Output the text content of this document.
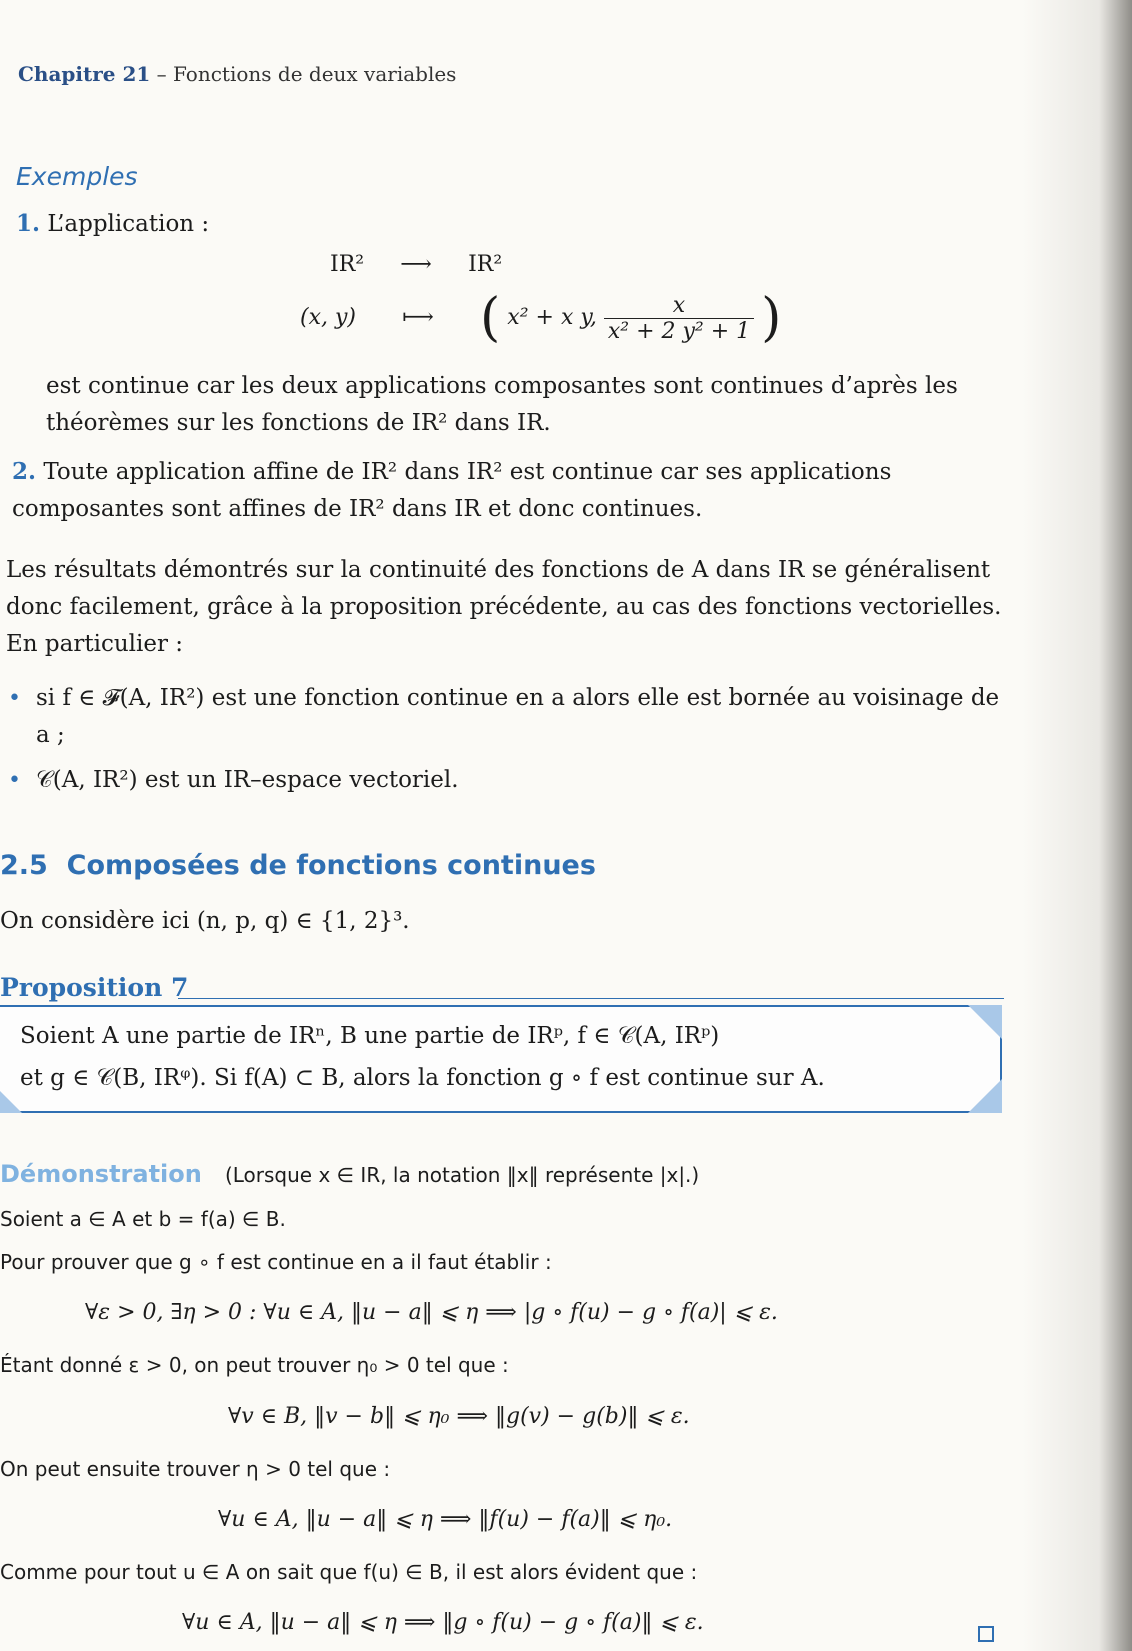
Chapitre 21 – Fonctions de deux variables
Exemples
1. L’application :
IR² ⟶ IR²
(x, y) ⟼ ( x² + x y, $\frac{x}{\text{x² + 2 y² + 1}}$ )
est continue car les deux applications composantes sont continues d’après les théorèmes sur les fonctions de IR² dans IR.
2. Toute application affine de IR² dans IR² est continue car ses applications composantes sont affines de IR² dans IR et donc continues.
Les résultats démontrés sur la continuité des fonctions de A dans IR se généralisent donc facilement, grâce à la proposition précédente, au cas des fonctions vectorielles. En particulier :
• si f ∈ 𝓕(A, IR²) est une fonction continue en a alors elle est bornée au voisinage de a ;
• 𝒞(A, IR²) est un IR–espace vectoriel.
2.5 Composées de fonctions continues
On considère ici (n, p, q) ∈ {1, 2}³.
Proposition 7
Soient A une partie de IRⁿ, B une partie de IRᵖ, f ∈ 𝒞(A, IRᵖ)
et g ∈ 𝒞(B, IRᵠ). Si f(A) ⊂ B, alors la fonction g ∘ f est continue sur A.
Démonstration (Lorsque x ∈ IR, la notation ‖x‖ représente |x|.)
Soient a ∈ A et b = f(a) ∈ B.
Pour prouver que g ∘ f est continue en a il faut établir :
∀ε > 0, ∃η > 0 : ∀u ∈ A, ‖u − a‖ ⩽ η ⟹ |g ∘ f(u) − g ∘ f(a)| ⩽ ε.
Étant donné ε > 0, on peut trouver η₀ > 0 tel que :
∀v ∈ B, ‖v − b‖ ⩽ η₀ ⟹ ‖g(v) − g(b)‖ ⩽ ε.
On peut ensuite trouver η > 0 tel que :
∀u ∈ A, ‖u − a‖ ⩽ η ⟹ ‖f(u) − f(a)‖ ⩽ η₀.
Comme pour tout u ∈ A on sait que f(u) ∈ B, il est alors évident que :
∀u ∈ A, ‖u − a‖ ⩽ η ⟹ ‖g ∘ f(u) − g ∘ f(a)‖ ⩽ ε.
